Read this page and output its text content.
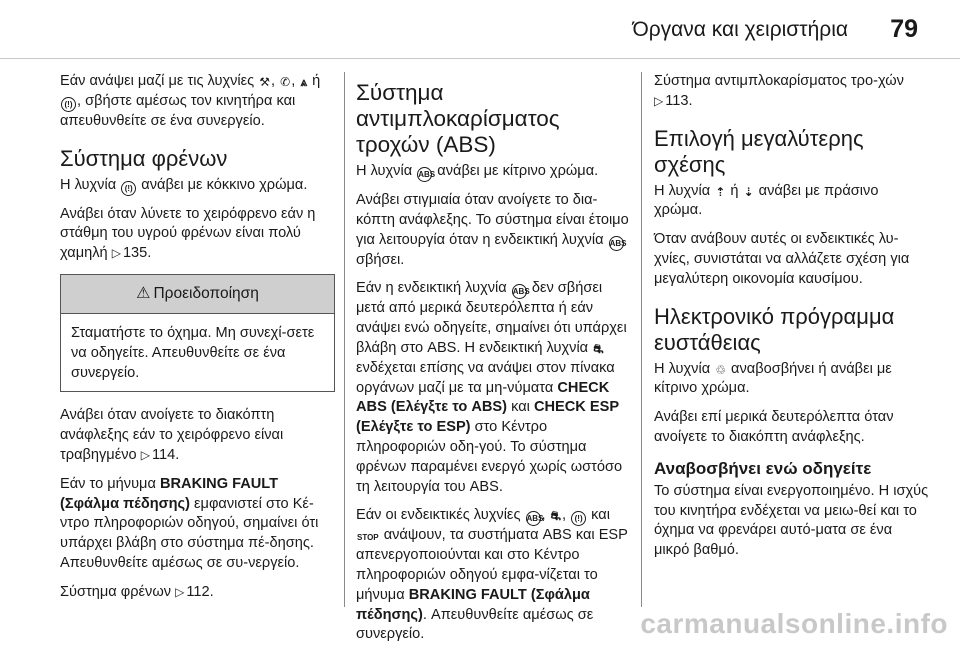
Όργανα και χειριστήρια 79

Εάν ανάψει μαζί με τις λυχνίες ⚒, ✆, ⩓ ή (!) , σβήστε αμέσως τον κινητήρα και απευθυνθείτε σε ένα συνεργείο.

Σύστημα φρένων

Η λυχνία (!) ανάβει με κόκκινο χρώμα.

Ανάβει όταν λύνετε το χειρόφρενο εάν η στάθμη του υγρού φρένων είναι πολύ χαμηλή ▷ 135.

⚠ Προειδοποίηση
Σταματήστε το όχημα. Μη συνεχί-σετε να οδηγείτε. Απευθυνθείτε σε ένα συνεργείο.

Ανάβει όταν ανοίγετε το διακόπτη ανάφλεξης εάν το χειρόφρενο είναι τραβηγμένο ▷ 114.

Εάν το μήνυμα BRAKING FAULT (Σφάλμα πέδησης) εμφανιστεί στο Κέ-ντρο πληροφοριών οδηγού, σημαίνει ότι υπάρχει βλάβη στο σύστημα πέ-δησης. Απευθυνθείτε αμέσως σε συ-νεργείο.

Σύστημα φρένων ▷ 112.

Σύστημα αντιμπλοκαρίσματος τροχών (ABS)

Η λυχνία ABS ανάβει με κίτρινο χρώμα.

Ανάβει στιγμιαία όταν ανοίγετε το δια-κόπτη ανάφλεξης. Το σύστημα είναι έτοιμο για λειτουργία όταν η ενδεικτική λυχνία ABS σβήσει.

Εάν η ενδεικτική λυχνία ABS δεν σβήσει μετά από μερικά δευτερόλεπτα ή εάν ανάψει ενώ οδηγείτε, σημαίνει ότι υπάρχει βλάβη στο ABS. Η ενδεικτική λυχνία ⛐ ενδέχεται επίσης να ανάψει στον πίνακα οργάνων μαζί με τα μη-νύματα CHECK ABS (Ελέγξτε το ABS) και CHECK ESP (Ελέγξτε το ESP) στο Κέντρο πληροφοριών οδη-γού. Το σύστημα φρένων παραμένει ενεργό χωρίς ωστόσο τη λειτουργία του ABS.

Εάν οι ενδεικτικές λυχνίες ABS, ⛐, (!) και STOP ανάψουν, τα συστήματα ABS και ESP απενεργοποιούνται και στο Κέντρο πληροφοριών οδηγού εμφα-νίζεται το μήνυμα BRAKING FAULT (Σφάλμα πέδησης). Απευθυνθείτε αμέσως σε συνεργείο.

Σύστημα αντιμπλοκαρίσματος τρο-χών ▷ 113.

Επιλογή μεγαλύτερης σχέσης

Η λυχνία ⇡ ή ⇣ ανάβει με πράσινο χρώμα.

Όταν ανάβουν αυτές οι ενδεικτικές λυ-χνίες, συνιστάται να αλλάζετε σχέση για μεγαλύτερη οικονομία καυσίμου.

Ηλεκτρονικό πρόγραμμα ευστάθειας

Η λυχνία ♲ αναβοσβήνει ή ανάβει με κίτρινο χρώμα.

Ανάβει επί μερικά δευτερόλεπτα όταν ανοίγετε το διακόπτη ανάφλεξης.

Αναβοσβήνει ενώ οδηγείτε

Το σύστημα είναι ενεργοποιημένο. Η ισχύς του κινητήρα ενδέχεται να μειω-θεί και το όχημα να φρενάρει αυτό-ματα σε ένα μικρό βαθμό.

carmanualsonline.info
